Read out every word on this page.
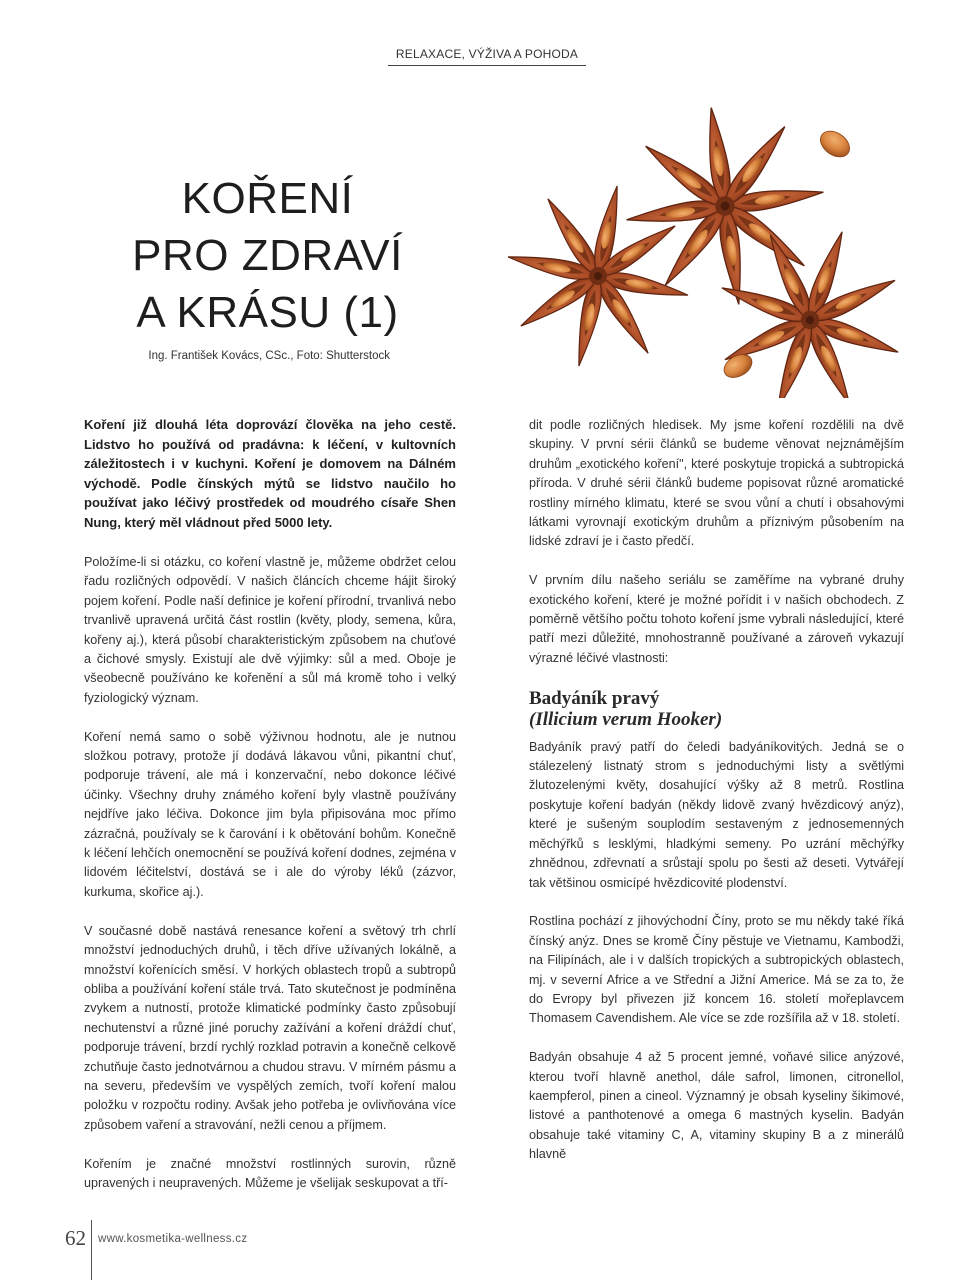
RELAXACE, VÝŽIVA A POHODA
KOŘENÍ
PRO ZDRAVÍ
A KRÁSU (1)
Ing. František Kovács, CSc., Foto: Shutterstock

Koření již dlouhá léta doprovází člověka na jeho cestě. Lidstvo ho používá od pradávna: k léčení, v kultovních záležitostech i v kuchyni. Koření je domovem na Dálném východě. Podle čínských mýtů se lidstvo naučilo ho používat jako léčivý prostředek od moudrého císaře Shen Nung, který měl vládnout před 5000 lety.

Položíme-li si otázku, co koření vlastně je, můžeme obdržet celou řadu rozličných odpovědí. V našich článcích chceme hájit široký pojem koření. Podle naší definice je koření přírodní, trvanlivá nebo trvanlivě upravená určitá část rostlin (květy, plody, semena, kůra, kořeny aj.), která působí charakteristickým způsobem na chuťové a čichové smysly. Existují ale dvě výjimky: sůl a med. Oboje je všeobecně používáno ke kořenění a sůl má kromě toho i velký fyziologický význam.

Koření nemá samo o sobě výživnou hodnotu, ale je nutnou složkou potravy, protože jí dodává lákavou vůni, pikantní chuť, podporuje trávení, ale má i konzervační, nebo dokonce léčivé účinky. Všechny druhy známého koření byly vlastně používány nejdříve jako léčiva. Dokonce jim byla připisována moc přímo zázračná, používaly se k čarování i k obětování bohům. Konečně k léčení lehčích onemocnění se používá koření dodnes, zejména v lidovém léčitelství, dostává se i ale do výroby léků (zázvor, kurkuma, skořice aj.).

V současné době nastává renesance koření a světový trh chrlí množství jednoduchých druhů, i těch dříve užívaných lokálně, a množství kořenících směsí. V horkých oblastech tropů a subtropů obliba a používání koření stále trvá. Tato skutečnost je podmíněna zvykem a nutností, protože klimatické podmínky často způsobují nechutenství a různé jiné poruchy zažívání a koření dráždí chuť, podporuje trávení, brzdí rychlý rozklad potravin a konečně celkově zchutňuje často jednotvárnou a chudou stravu. V mírném pásmu a na severu, především ve vyspělých zemích, tvoří koření malou položku v rozpočtu rodiny. Avšak jeho potřeba je ovlivňována více způsobem vaření a stravování, nežli cenou a příjmem.

Kořením je značné množství rostlinných surovin, různě upravených i neupravených. Můžeme je všelijak seskupovat a tří-

dit podle rozličných hledisek. My jsme koření rozdělili na dvě skupiny. V první sérii článků se budeme věnovat nejznámějším druhům „exotického koření", které poskytuje tropická a subtropická příroda. V druhé sérii článků budeme popisovat různé aromatické rostliny mírného klimatu, které se svou vůní a chutí i obsahovými látkami vyrovnají exotickým druhům a příznivým působením na lidské zdraví je i často předčí.

V prvním dílu našeho seriálu se zaměříme na vybrané druhy exotického koření, které je možné pořídit i v našich obchodech. Z poměrně většího počtu tohoto koření jsme vybrali následující, které patří mezi důležité, mnohostranně používané a zároveň vykazují výrazné léčivé vlastnosti:

Badyáník pravý
(Illicium verum Hooker)

Badyáník pravý patří do čeledi badyáníkovitých. Jedná se o stálezelený listnatý strom s jednoduchými listy a světlými žlutozelenými květy, dosahující výšky až 8 metrů. Rostlina poskytuje koření badyán (někdy lidově zvaný hvězdicový anýz), které je sušeným souplodím sestaveným z jednosemenných měchýřků s lesklými, hladkými semeny. Po uzrání měchýřky zhnědnou, zdřevnatí a srůstají spolu po šesti až deseti. Vytvářejí tak většinou osmicípé hvězdicovité plodenství.

Rostlina pochází z jihovýchodní Číny, proto se mu někdy také říká čínský anýz. Dnes se kromě Číny pěstuje ve Vietnamu, Kambodži, na Filipínách, ale i v dalších tropických a subtropických oblastech, mj. v severní Africe a ve Střední a Jižní Americe. Má se za to, že do Evropy byl přivezen již koncem 16. století mořeplavcem Thomasem Cavendishem. Ale více se zde rozšířila až v 18. století.

Badyán obsahuje 4 až 5 procent jemné, voňavé silice anýzové, kterou tvoří hlavně anethol, dále safrol, limonen, citronellol, kaempferol, pinen a cineol. Významný je obsah kyseliny šikimové, listové a panthotenové a omega 6 mastných kyselin. Badyán obsahuje také vitaminy C, A, vitaminy skupiny B a z minerálů hlavně

62 www.kosmetika-wellness.cz
